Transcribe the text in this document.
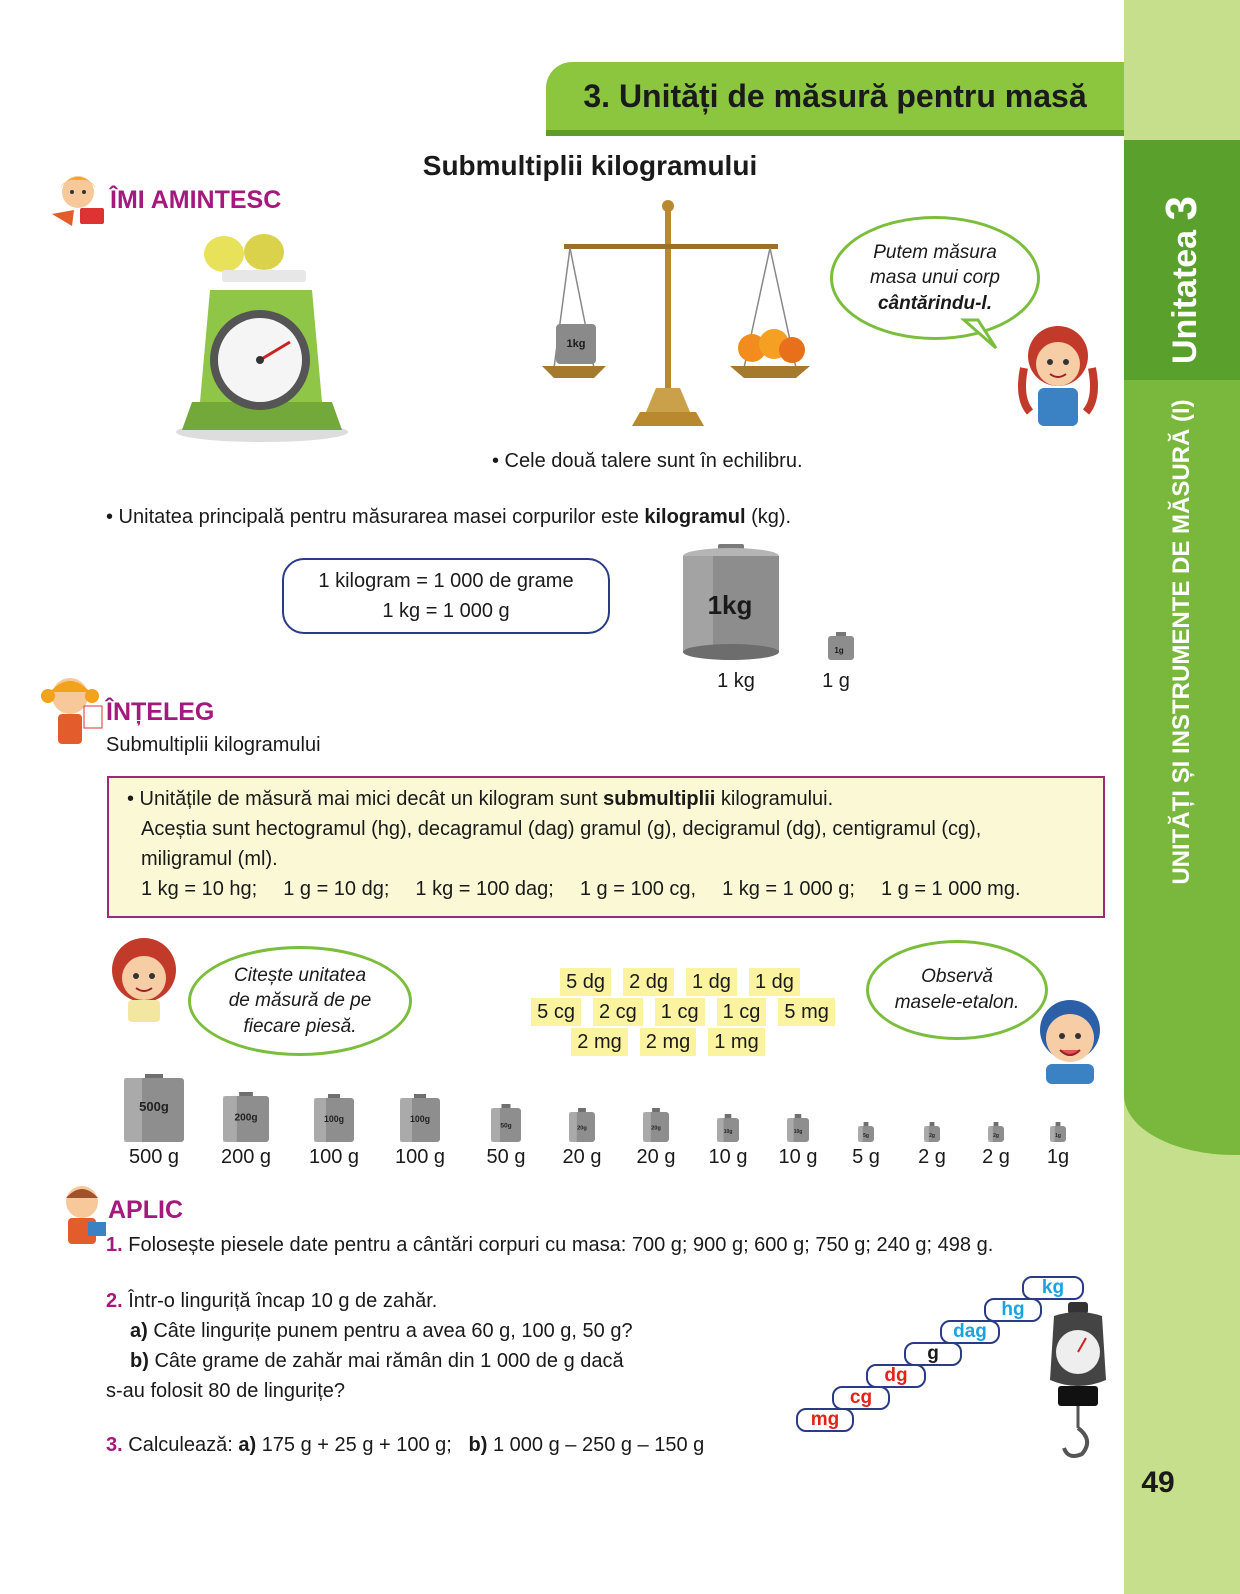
Unitatea 3
UNITĂȚI ȘI INSTRUMENTE DE MĂSURĂ (I)
3. Unități de măsură pentru masă
Submultiplii kilogramului
ÎMI AMINTESC
1kg
Putem măsura
masa unui corp
cântărindu-l.
• Cele două talere sunt în echilibru.
• Unitatea principală pentru măsurarea masei corpurilor este kilogramul (kg).
1 kilogram = 1 000 de grame
1 kg = 1 000 g	1kg
1g
1 kg	1 g
ÎNȚELEG
Submultiplii kilogramului
• Unitățile de măsură mai mici decât un kilogram sunt submultiplii kilogramului.
Aceștia sunt hectogramul (hg), decagramul (dag) gramul (g), decigramul (dg), centigramul (cg),
miligramul (ml).
1 kg = 10 hg; 1 g = 10 dg; 1 kg = 100 dag; 1 g = 100 cg, 1 kg = 1 000 g; 1 g = 1 000 mg.
Citește unitatea
de măsură de pe
fiecare piesă.
5 dg 2 dg 1 dg 1 dg
5 cg 2 cg 1 cg 1 cg 5 mg
2 mg 2 mg 1 mg
Observă
masele-etalon.
500g
500 g
200g
200 g
100g
100 g
100g
100 g
50g
50 g
20g
20 g
20g
20 g
10g
10 g
10g
10 g
5g
5 g
2g
2 g
2g
2 g
1g
1g
APLIC
1. Folosește piesele date pentru a cântări corpuri cu masa: 700 g; 900 g; 600 g; 750 g; 240 g; 498 g.
2. Într-o linguriță încap 10 g de zahăr.
a) Câte lingurițe punem pentru a avea 60 g, 100 g, 50 g?
b) Câte grame de zahăr mai rămân din 1 000 de g dacă
s-au folosit 80 de lingurițe?
3. Calculează: a) 175 g + 25 g + 100 g; b) 1 000 g – 250 g – 150 g
kg
hg
dag
g
dg
cg
mg
49
